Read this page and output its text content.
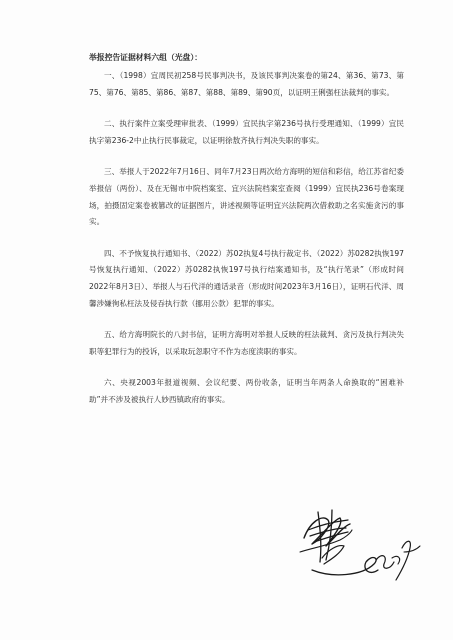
举报控告证据材料六组（光盘）：

一、（1998）宜周民初258号民事判决书，及该民事判决案卷的第24、第36、第73、第75、第76、第85、第86、第87、第88、第89、第90页，以证明王俐强枉法裁判的事实。

二、执行案件立案受理审批表、（1999）宜民执字第236号执行受理通知、（1999）宜民执字第236-2中止执行民事裁定，以证明徐敖齐执行判决失职的事实。

三、举报人于2022年7月16日、同年7月23日两次给方海明的短信和彩信，给江苏省纪委举报信（两份）、及在无锡市中院档案室、宜兴法院档案室查阅（1999）宜民执236号卷案现场，拍摄固定案卷被篡改的证据图片，讲述视频等证明宜兴法院两次借救助之名实施贪污的事实。

四、不予恢复执行通知书、（2022）苏02执复4号执行裁定书、（2022）苏0282执恢197号恢复执行通知、（2022）苏0282执恢197号执行结案通知书，及“执行笔录”（形成时间2022年8月3日）、举报人与石代洋的通话录音（形成时间2023年3月16日），证明石代洋、周馨涉嫌徇私枉法及侵吞执行款（挪用公款）犯罪的事实。

五、给方海明院长的八封书信，证明方海明对举报人反映的枉法裁判、贪污及执行判决失职等犯罪行为的投诉，以采取玩忽职守不作为态度渎职的事实。

六、央视2003年报道视频、会议纪要、两份收条，证明当年两条人命换取的“困难补助”并不涉及被执行人妙西镇政府的事实。
